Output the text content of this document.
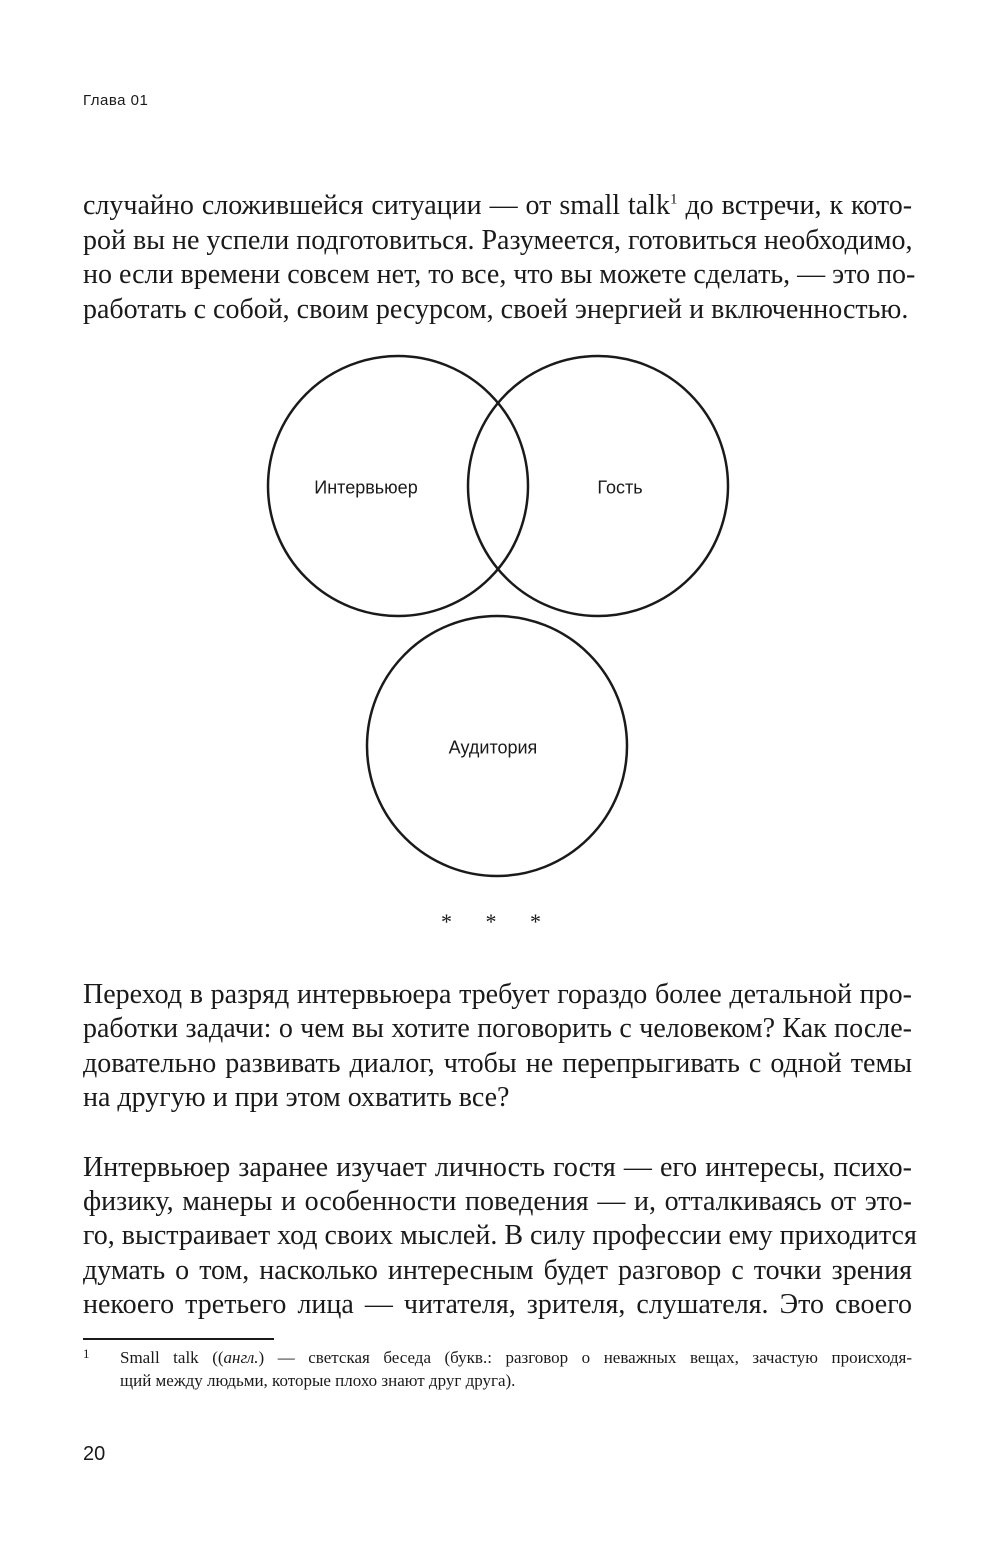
Глава 01
случайно сложившейся ситуации — от small talk$^1$ до встречи, к кото-
рой вы не успели подготовиться. Разумеется, готовиться необходимо,
но если времени совсем нет, то все, что вы можете сделать, — это по-
работать с собой, своим ресурсом, своей энергией и включенностью.
Интервьюер	Гость
Аудитория
* * *
Переход в разряд интервьюера требует гораздо более детальной про-
работки задачи: о чем вы хотите поговорить с человеком? Как после-
довательно развивать диалог, чтобы не перепрыгивать с одной темы
на другую и при этом охватить все?
Интервьюер заранее изучает личность гостя — его интересы, психо-
физику, манеры и особенности поведения — и, отталкиваясь от это-
го, выстраивает ход своих мыслей. В силу профессии ему приходится
думать о том, насколько интересным будет разговор с точки зрения
некоего третьего лица — читателя, зрителя, слушателя. Это своего
1 Small talk ((англ.) — светская беседа (букв.: разговор о неважных вещах, зачастую происходя-
щий между людьми, которые плохо знают друг друга).
20
